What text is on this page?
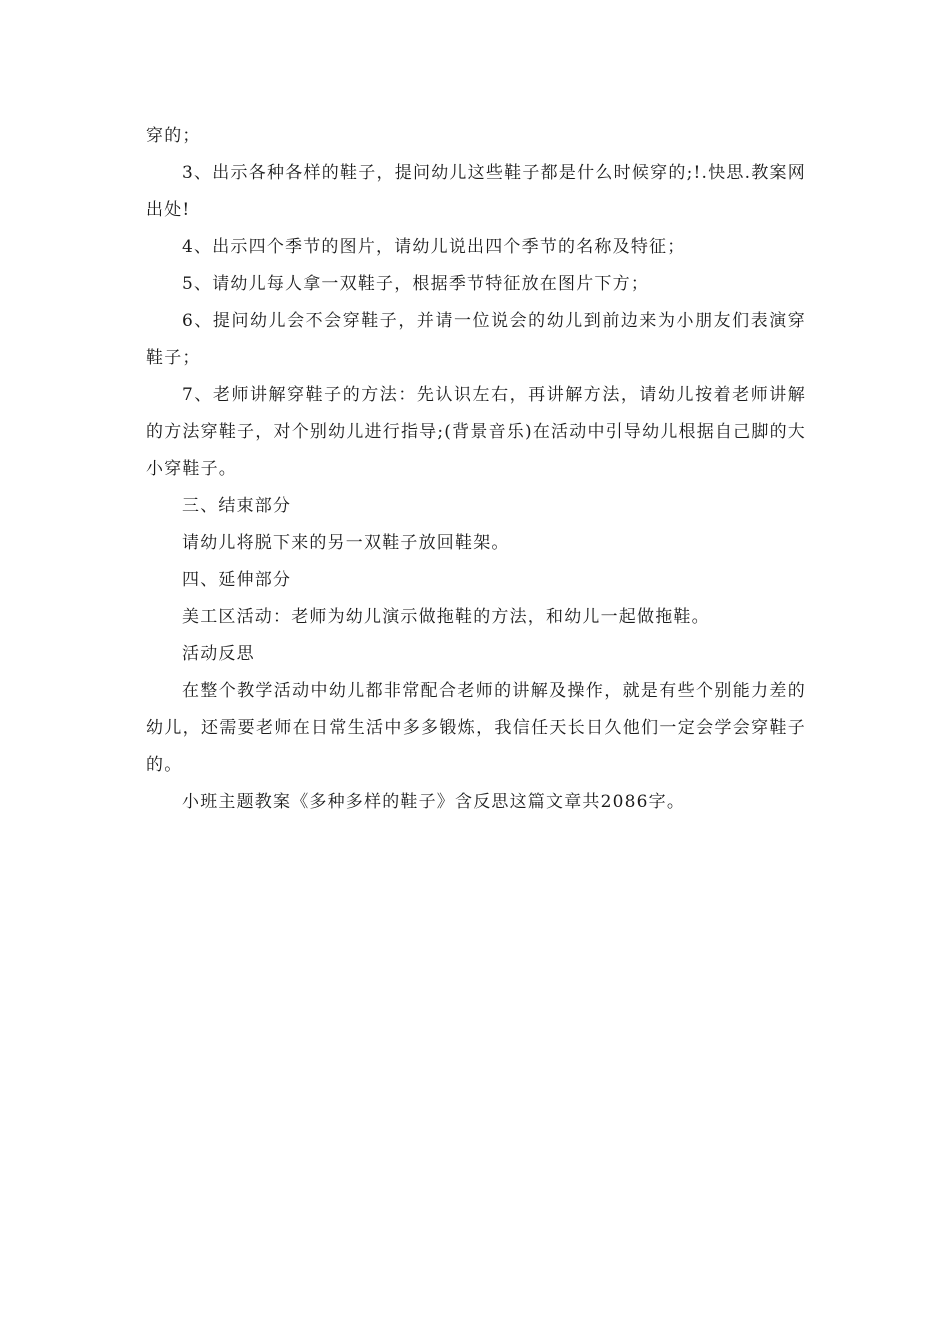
穿的；

3、出示各种各样的鞋子，提问幼儿这些鞋子都是什么时候穿的;!.快思.教案网出处!

4、出示四个季节的图片，请幼儿说出四个季节的名称及特征；

5、请幼儿每人拿一双鞋子，根据季节特征放在图片下方；

6、提问幼儿会不会穿鞋子，并请一位说会的幼儿到前边来为小朋友们表演穿鞋子；

7、老师讲解穿鞋子的方法：先认识左右，再讲解方法，请幼儿按着老师讲解的方法穿鞋子，对个别幼儿进行指导;(背景音乐)在活动中引导幼儿根据自己脚的大小穿鞋子。

三、结束部分

请幼儿将脱下来的另一双鞋子放回鞋架。

四、延伸部分

美工区活动：老师为幼儿演示做拖鞋的方法，和幼儿一起做拖鞋。

活动反思

在整个教学活动中幼儿都非常配合老师的讲解及操作，就是有些个别能力差的幼儿，还需要老师在日常生活中多多锻炼，我信任天长日久他们一定会学会穿鞋子的。

小班主题教案《多种多样的鞋子》含反思这篇文章共2086字。
